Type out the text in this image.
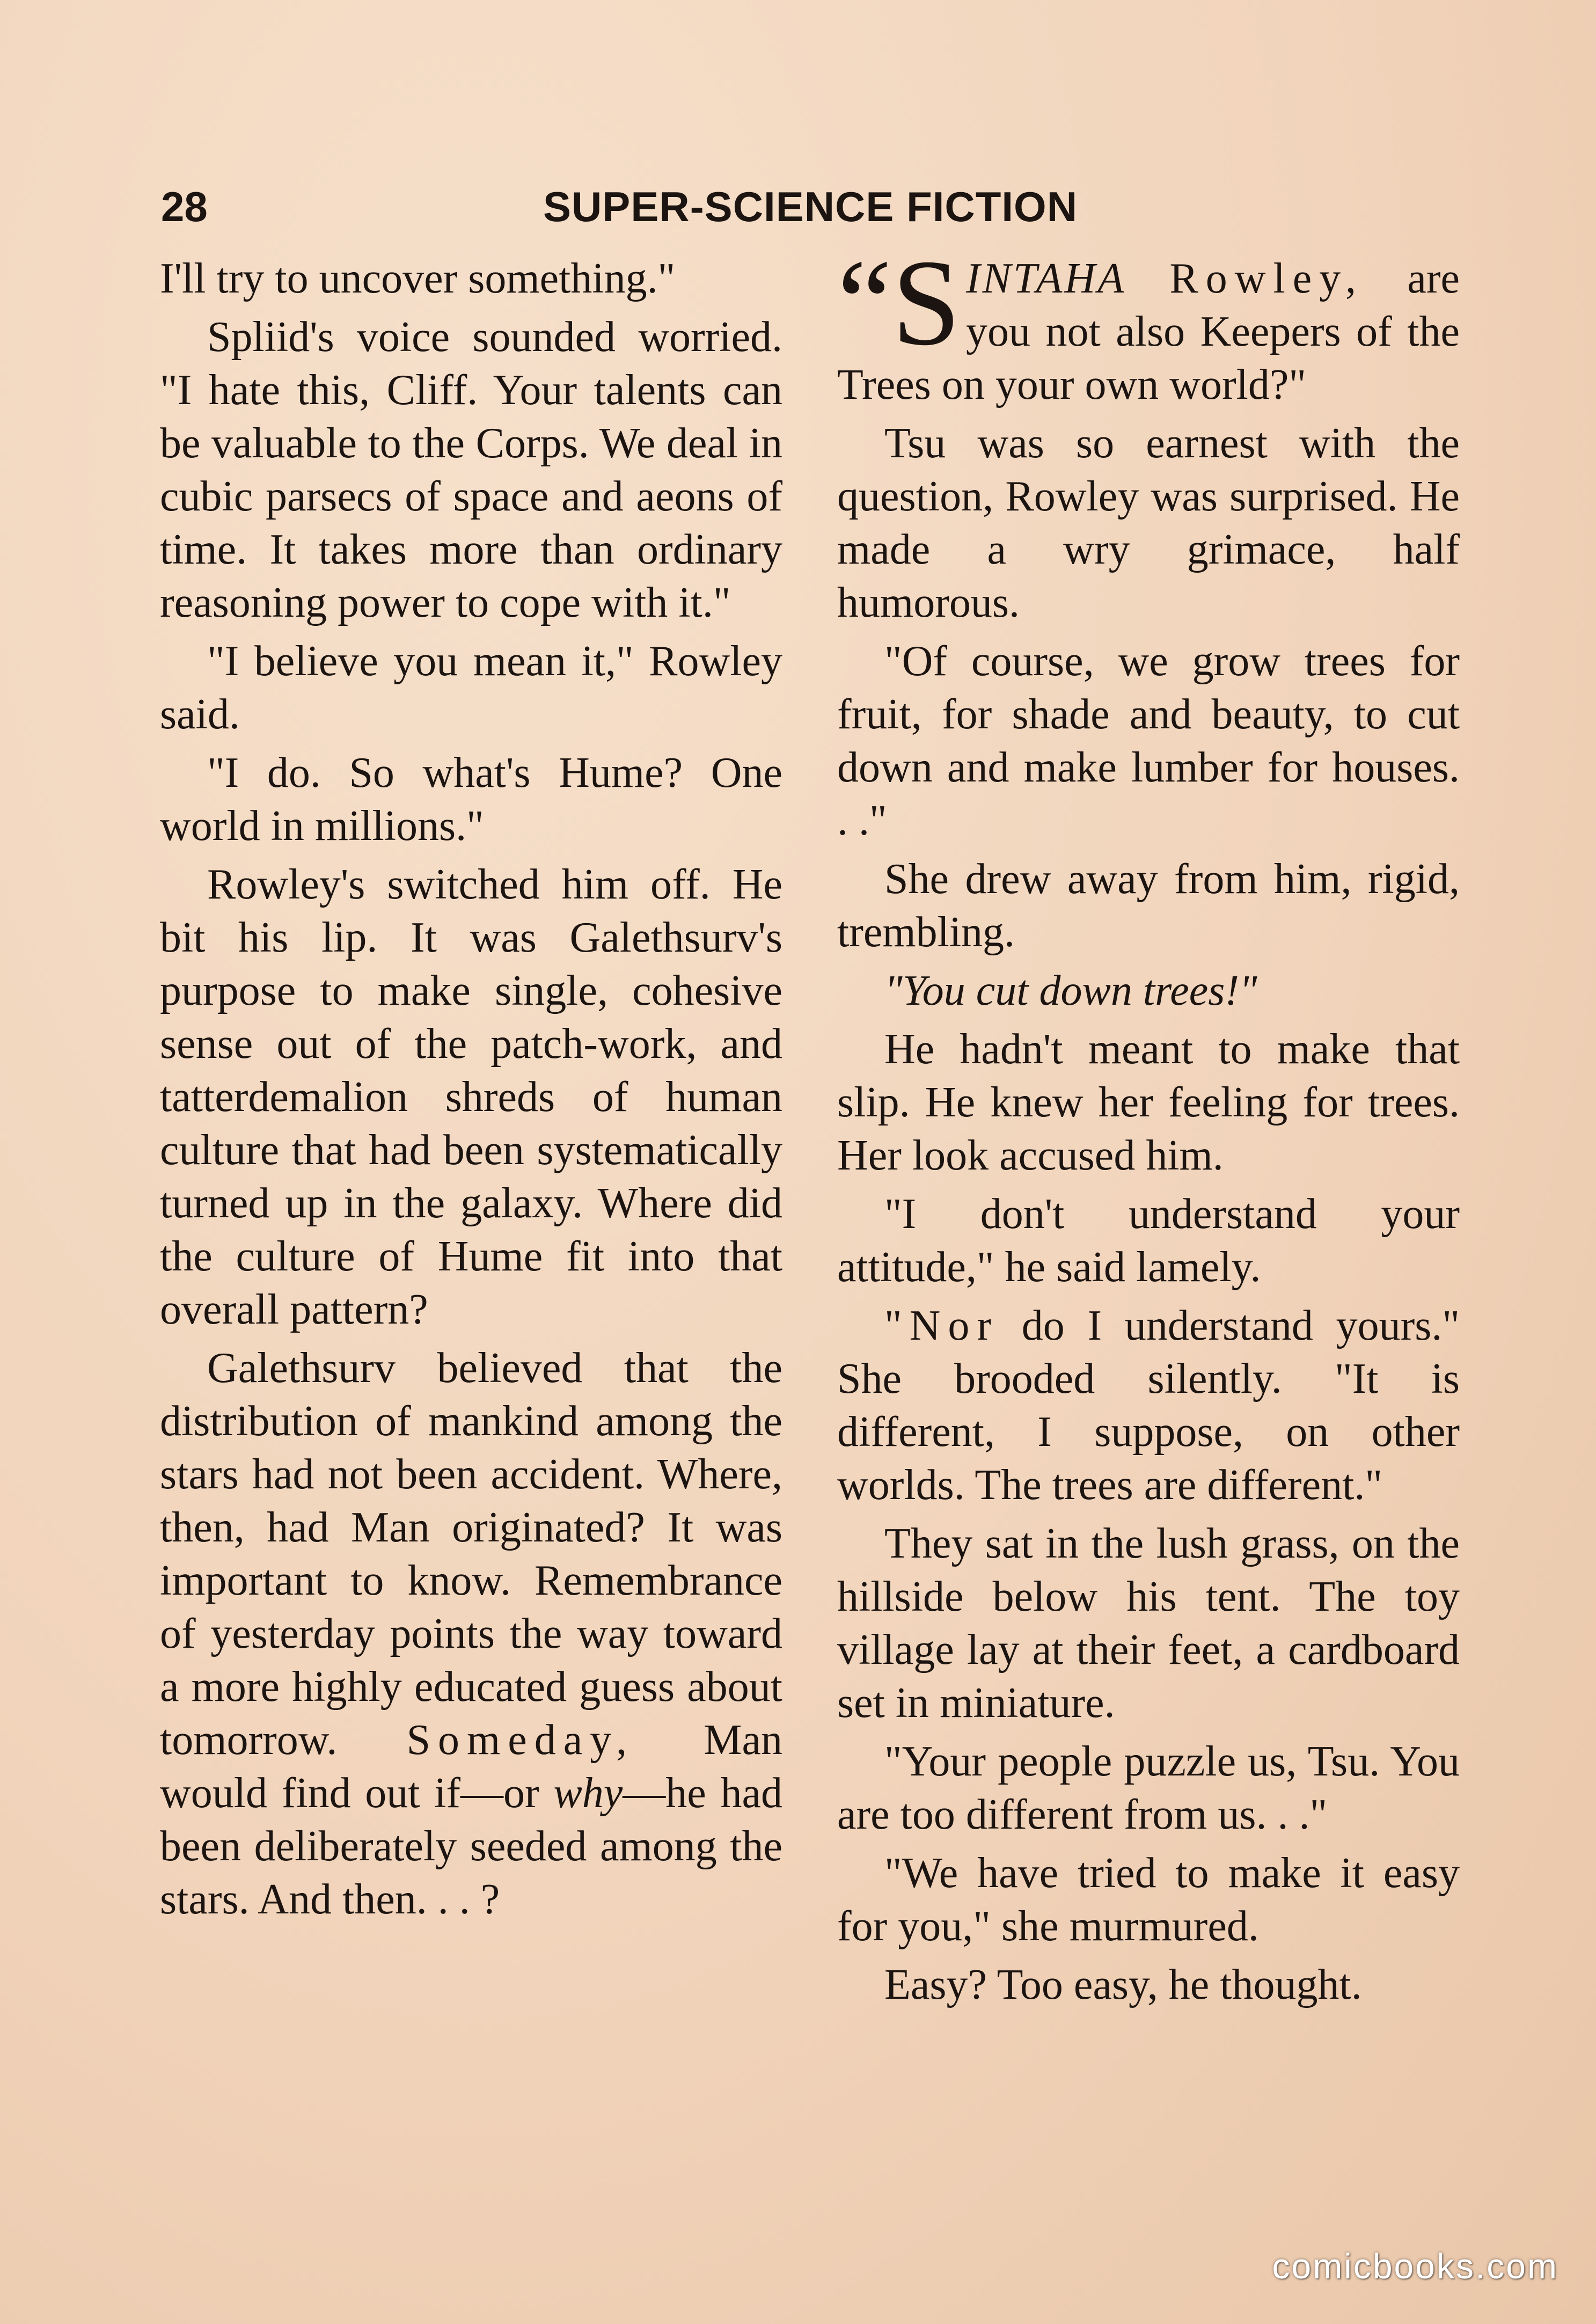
28	SUPER-SCIENCE FICTION

I'll try to uncover something."

Spliid's voice sounded worried. "I hate this, Cliff. Your talents can be valuable to the Corps. We deal in cubic parsecs of space and aeons of time. It takes more than ordinary reasoning power to cope with it."

"I believe you mean it," Rowley said.

"I do. So what's Hume? One world in millions."

Rowley's switched him off. He bit his lip. It was Galethsurv's purpose to make single, cohesive sense out of the patch-work, and tatterdemalion shreds of human culture that had been systematically turned up in the galaxy. Where did the culture of Hume fit into that overall pattern?

Galethsurv believed that the distribution of mankind among the stars had not been accident. Where, then, had Man originated? It was important to know. Remembrance of yesterday points the way toward a more highly educated guess about tomorrow. Someday, Man would find out if—or why—he had been deliberately seeded among the stars. And then. . . ?

“SINTAHA Rowley, are you not also Keepers of the Trees on your own world?"

Tsu was so earnest with the question, Rowley was surprised. He made a wry grimace, half humorous.

"Of course, we grow trees for fruit, for shade and beauty, to cut down and make lumber for houses. . ."

She drew away from him, rigid, trembling.

"You cut down trees!"

He hadn't meant to make that slip. He knew her feeling for trees. Her look accused him.

"I don't understand your attitude," he said lamely.

"Nor do I understand yours." She brooded silently. "It is different, I suppose, on other worlds. The trees are different."

They sat in the lush grass, on the hillside below his tent. The toy village lay at their feet, a cardboard set in miniature.

"Your people puzzle us, Tsu. You are too different from us. . ."

"We have tried to make it easy for you," she murmured.

Easy? Too easy, he thought.

comicbooks.com
